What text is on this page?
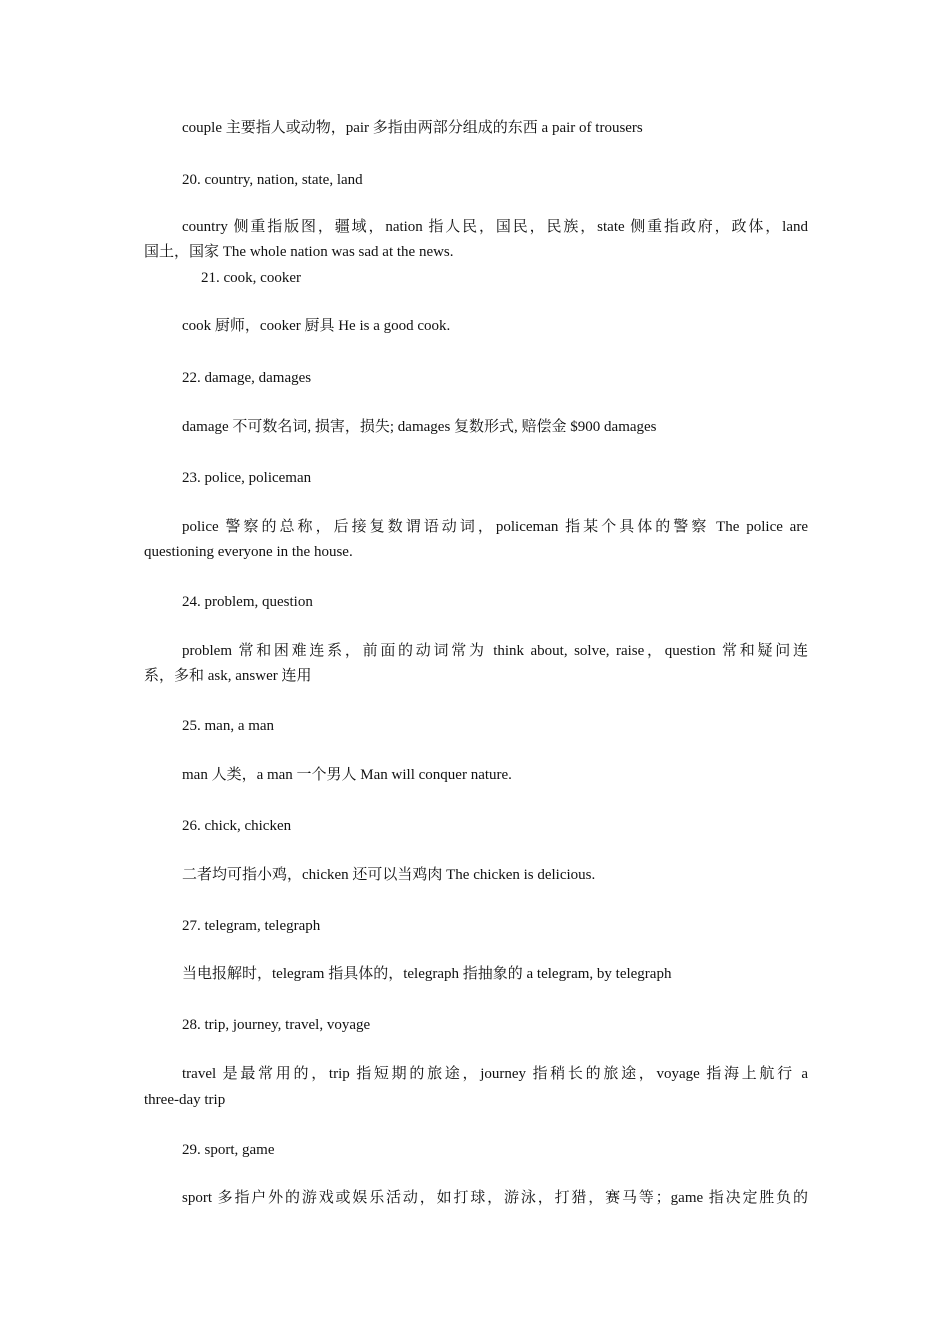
couple 主要指人或动物，pair 多指由两部分组成的东西 a pair of trousers

20. country, nation, state, land

country 侧重指版图，疆域，nation 指人民，国民，民族，state 侧重指政府，政体，land

国土，国家 The whole nation was sad at the news.

21. cook, cooker

cook 厨师，cooker 厨具 He is a good cook.

22. damage, damages

damage 不可数名词, 损害，损失; damages 复数形式, 赔偿金 $900 damages

23. police, policeman

police 警察的总称，后接复数谓语动词，policeman 指某个具体的警察 The police are

questioning everyone in the house.

24. problem, question

problem 常和困难连系，前面的动词常为 think about, solve, raise，question 常和疑问连

系，多和 ask, answer 连用

25. man, a man

man 人类，a man 一个男人 Man will conquer nature.

26. chick, chicken

二者均可指小鸡，chicken 还可以当鸡肉 The chicken is delicious.

27. telegram, telegraph

当电报解时，telegram 指具体的，telegraph 指抽象的 a telegram, by telegraph

28. trip, journey, travel, voyage

travel 是最常用的，trip 指短期的旅途，journey 指稍长的旅途，voyage 指海上航行 a

three-day trip

29. sport, game

sport 多指户外的游戏或娱乐活动，如打球，游泳，打猎，赛马等；game 指决定胜负的
